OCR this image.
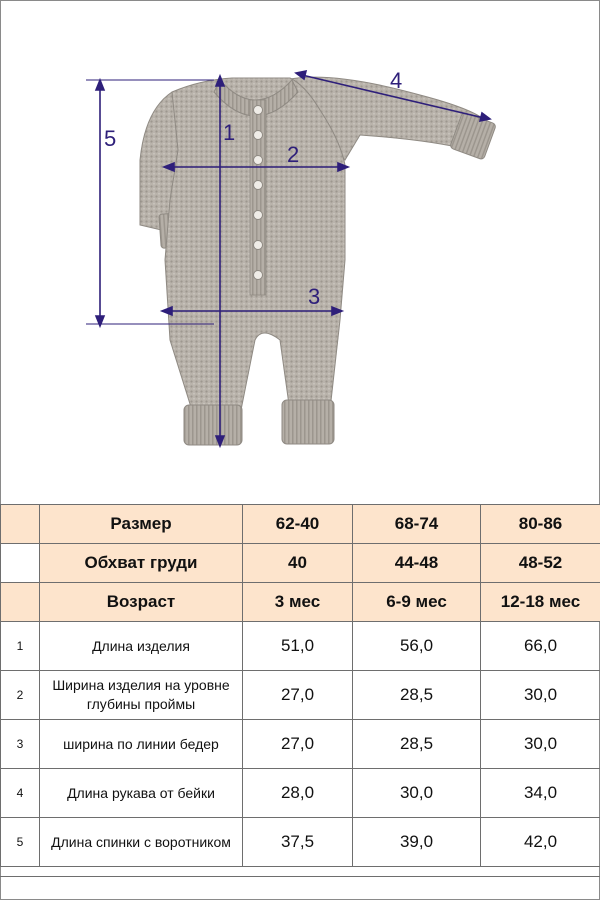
1
2
3
4
5
	Размер	62-40	68-74	80-86
	Обхват груди	40	44-48	48-52
	Возраст	3 мес	6-9 мес	12-18 мес
1	Длина изделия	51,0	56,0	66,0
2	Ширина изделия на уровне глубины проймы	27,0	28,5	30,0
3	ширина по линии бедер	27,0	28,5	30,0
4	Длина рукава от бейки	28,0	30,0	34,0
5	Длина спинки с воротником	37,5	39,0	42,0
